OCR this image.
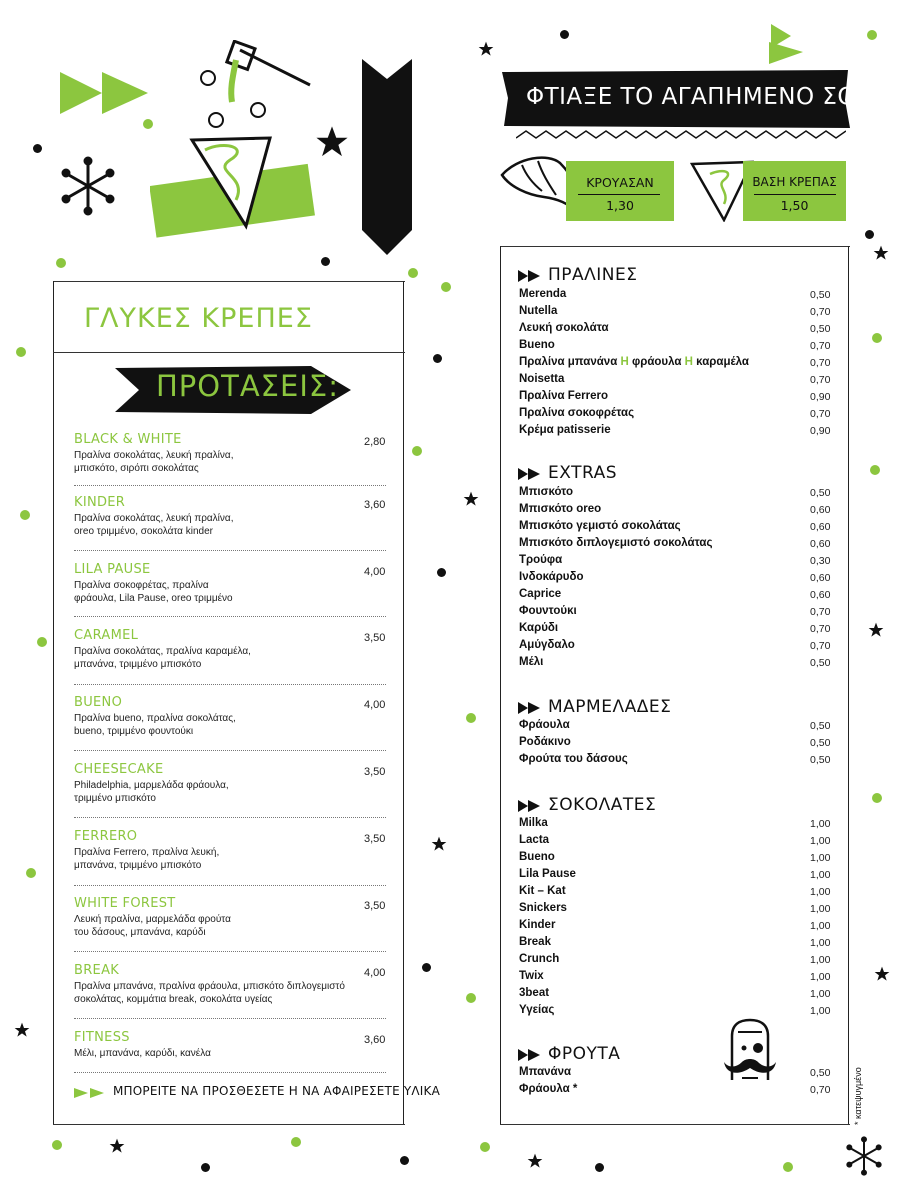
ΓΛΥΚΕΣ ΚΡΕΠΕΣ
ΠΡΟΤΑΣΕΙΣ:
BLACK & WHITE	2,80
Πραλίνα σοκολάτας, λευκή πραλίνα,
μπισκότο, σιρόπι σοκολάτας
KINDER	3,60
Πραλίνα σοκολάτας, λευκή πραλίνα,
oreo τριμμένο, σοκολάτα kinder
LILA PAUSE	4,00
Πραλίνα σοκοφρέτας, πραλίνα
φράουλα, Lila Pause, oreo τριμμένο
CARAMEL	3,50
Πραλίνα σοκολάτας, πραλίνα καραμέλα,
μπανάνα, τριμμένο μπισκότο
BUENO	4,00
Πραλίνα bueno, πραλίνα σοκολάτας,
bueno, τριμμένο φουντούκι
CHEESECAKE	3,50
Philadelphia, μαρμελάδα φράουλα,
τριμμένο μπισκότο
FERRERO	3,50
Πραλίνα Ferrero, πραλίνα λευκή,
μπανάνα, τριμμένο μπισκότο
WHITE FOREST	3,50
Λευκή πραλίνα, μαρμελάδα φρούτα
του δάσους, μπανάνα, καρύδι
BREAK	4,00
Πραλίνα μπανάνα, πραλίνα φράουλα, μπισκότο διπλογεμιστό
σοκολάτας, κομμάτια break, σοκολάτα υγείας
FITNESS	3,60
Μέλι, μπανάνα, καρύδι, κανέλα
ΜΠΟΡΕΙΤΕ ΝΑ ΠΡΟΣΘΕΣΕΤΕ Η ΝΑ ΑΦΑΙΡΕΣΕΤΕ ΥΛΙΚΑ
ΦΤΙΑΞΕ ΤΟ ΑΓΑΠΗΜΕΝΟ ΣΟΥ
ΚΡΟΥΑΣΑΝ
1,30
ΒΑΣΗ ΚΡΕΠΑΣ
1,50
ΠΡΑΛΙΝΕΣ
Merenda	0,50
Nutella	0,70
Λευκή σοκολάτα	0,50
Bueno	0,70
Πραλίνα μπανάνα Η φράουλα Η καραμέλα	0,70
Noisetta	0,70
Πραλίνα Ferrero	0,90
Πραλίνα σοκοφρέτας	0,70
Κρέμα patisserie	0,90
EXTRAS
Μπισκότο	0,50
Μπισκότο oreo	0,60
Μπισκότο γεμιστό σοκολάτας	0,60
Μπισκότο διπλογεμιστό σοκολάτας	0,60
Τρούφα	0,30
Ινδοκάρυδο	0,60
Caprice	0,60
Φουντούκι	0,70
Καρύδι	0,70
Αμύγδαλο	0,70
Μέλι	0,50
ΜΑΡΜΕΛΑΔΕΣ
Φράουλα	0,50
Ροδάκινο	0,50
Φρούτα του δάσους	0,50
ΣΟΚΟΛΑΤΕΣ
Milka	1,00
Lacta	1,00
Bueno	1,00
Lila Pause	1,00
Kit – Kat	1,00
Snickers	1,00
Kinder	1,00
Break	1,00
Crunch	1,00
Twix	1,00
3beat	1,00
Υγείας	1,00
ΦΡΟΥΤΑ
Μπανάνα	0,50
Φράουλα *	0,70	* κατεψυγμένο
